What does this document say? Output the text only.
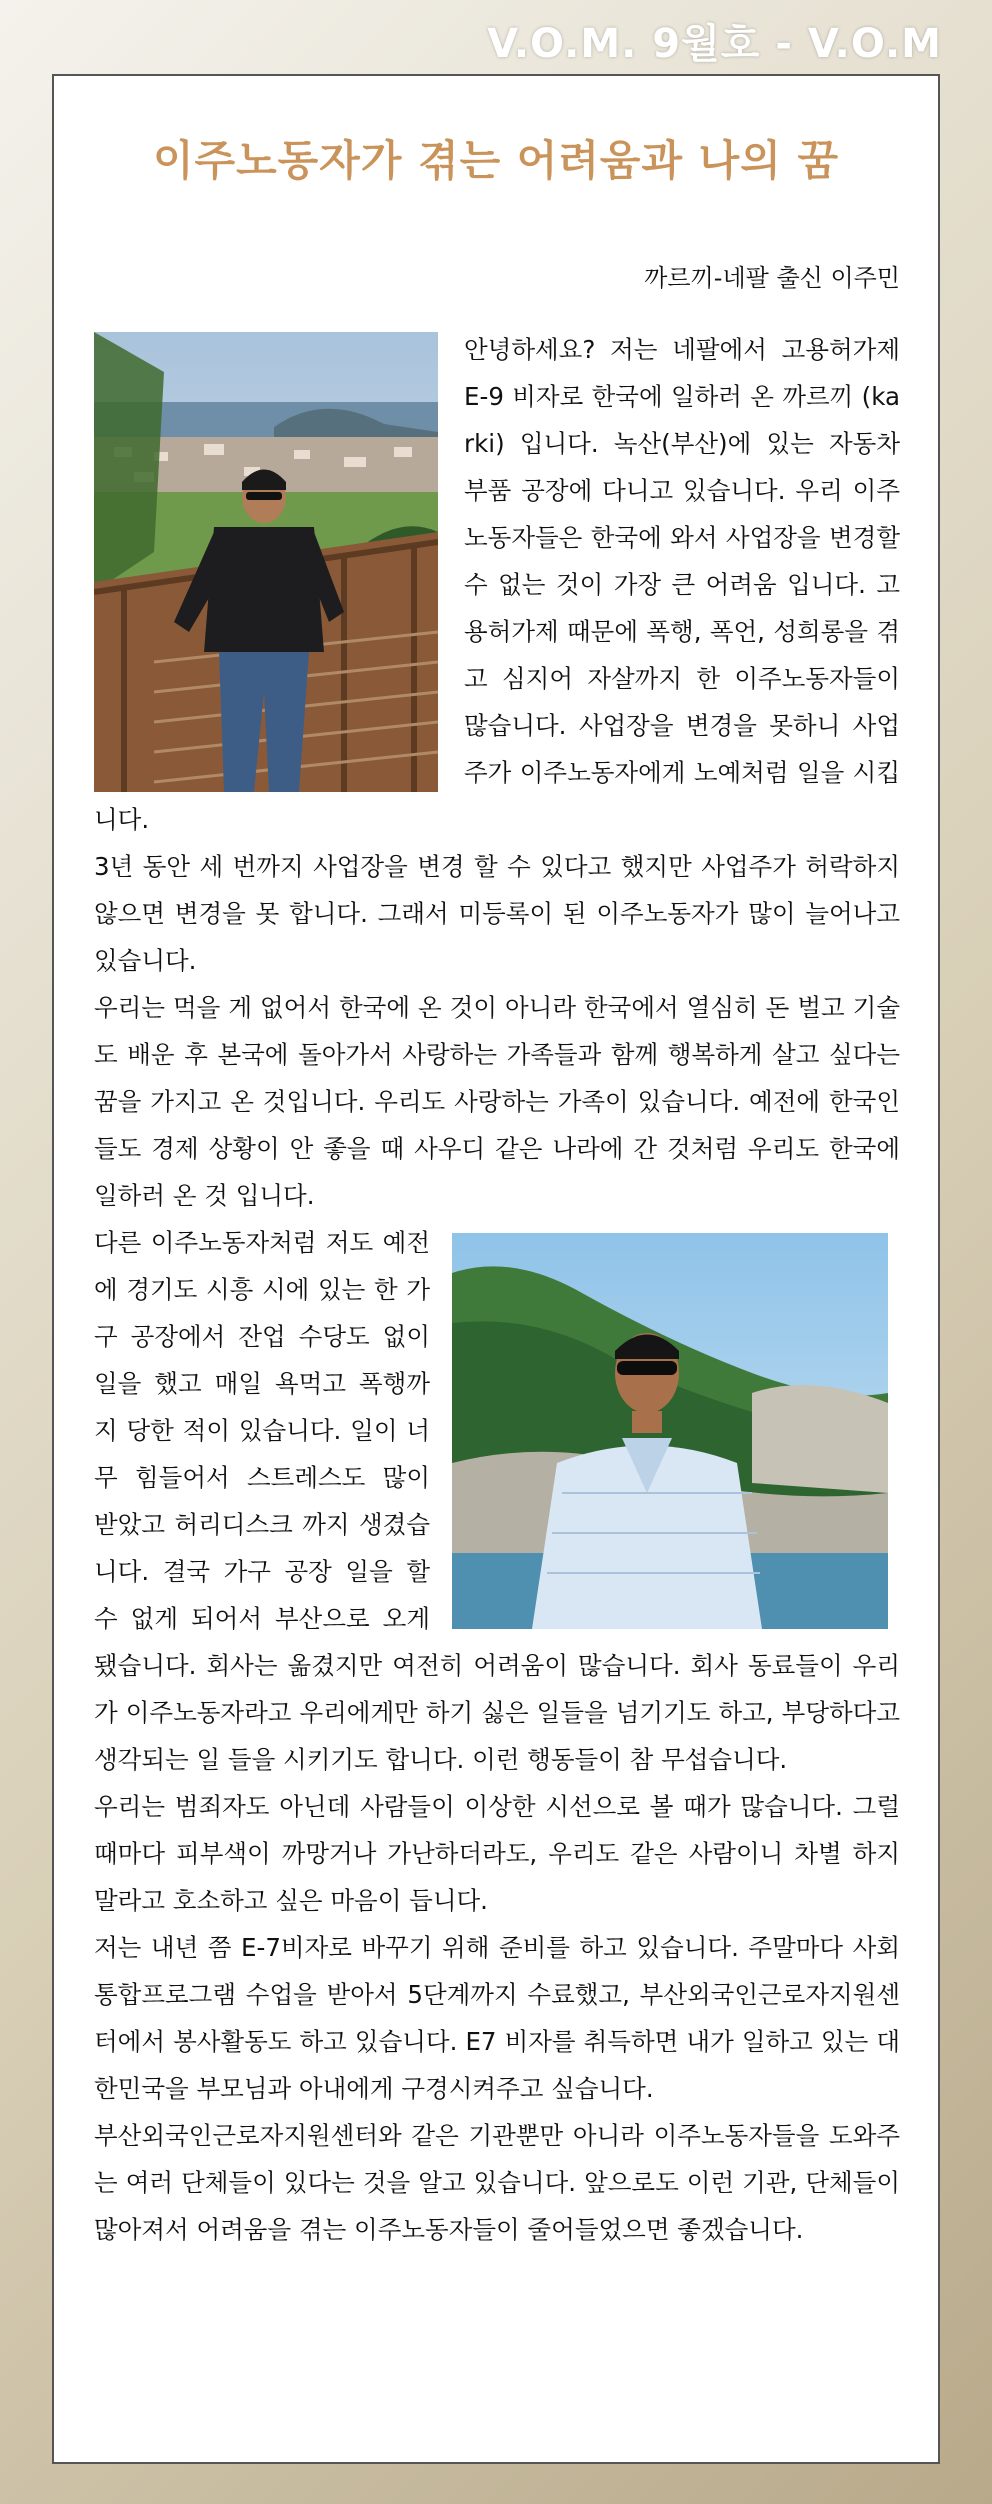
V.O.M. 9월호 - V.O.M
이주노동자가 겪는 어려움과 나의 꿈
까르끼-네팔 출신 이주민

안녕하세요? 저는 네팔에서 고용허가제 E-9 비자로 한국에 일하러 온 까르끼 (karki) 입니다. 녹산(부산)에 있는 자동차 부품 공장에 다니고 있습니다. 우리 이주노동자들은 한국에 와서 사업장을 변경할 수 없는 것이 가장 큰 어려움 입니다. 고용허가제 때문에 폭행, 폭언, 성희롱을 겪고 심지어 자살까지 한 이주노동자들이 많습니다. 사업장을 변경을 못하니 사업주가 이주노동자에게 노예처럼 일을 시킵니다.

3년 동안 세 번까지 사업장을 변경 할 수 있다고 했지만 사업주가 허락하지 않으면 변경을 못 합니다. 그래서 미등록이 된 이주노동자가 많이 늘어나고 있습니다.

우리는 먹을 게 없어서 한국에 온 것이 아니라 한국에서 열심히 돈 벌고 기술도 배운 후 본국에 돌아가서 사랑하는 가족들과 함께 행복하게 살고 싶다는 꿈을 가지고 온 것입니다. 우리도 사랑하는 가족이 있습니다. 예전에 한국인들도 경제 상황이 안 좋을 때 사우디 같은 나라에 간 것처럼 우리도 한국에 일하러 온 것 입니다.

다른 이주노동자처럼 저도 예전에 경기도 시흥 시에 있는 한 가구 공장에서 잔업 수당도 없이 일을 했고 매일 욕먹고 폭행까지 당한 적이 있습니다. 일이 너무 힘들어서 스트레스도 많이 받았고 허리디스크 까지 생겼습니다. 결국 가구 공장 일을 할 수 없게 되어서 부산으로 오게 됐습니다. 회사는 옮겼지만 여전히 어려움이 많습니다. 회사 동료들이 우리가 이주노동자라고 우리에게만 하기 싫은 일들을 넘기기도 하고, 부당하다고 생각되는 일 들을 시키기도 합니다. 이런 행동들이 참 무섭습니다.

우리는 범죄자도 아닌데 사람들이 이상한 시선으로 볼 때가 많습니다. 그럴 때마다 피부색이 까망거나 가난하더라도, 우리도 같은 사람이니 차별 하지 말라고 호소하고 싶은 마음이 듭니다.

저는 내년 쯤 E-7비자로 바꾸기 위해 준비를 하고 있습니다. 주말마다 사회통합프로그램 수업을 받아서 5단계까지 수료했고, 부산외국인근로자지원센터에서 봉사활동도 하고 있습니다. E7 비자를 취득하면 내가 일하고 있는 대한민국을 부모님과 아내에게 구경시켜주고 싶습니다.

부산외국인근로자지원센터와 같은 기관뿐만 아니라 이주노동자들을 도와주는 여러 단체들이 있다는 것을 알고 있습니다. 앞으로도 이런 기관, 단체들이 많아져서 어려움을 겪는 이주노동자들이 줄어들었으면 좋겠습니다.
